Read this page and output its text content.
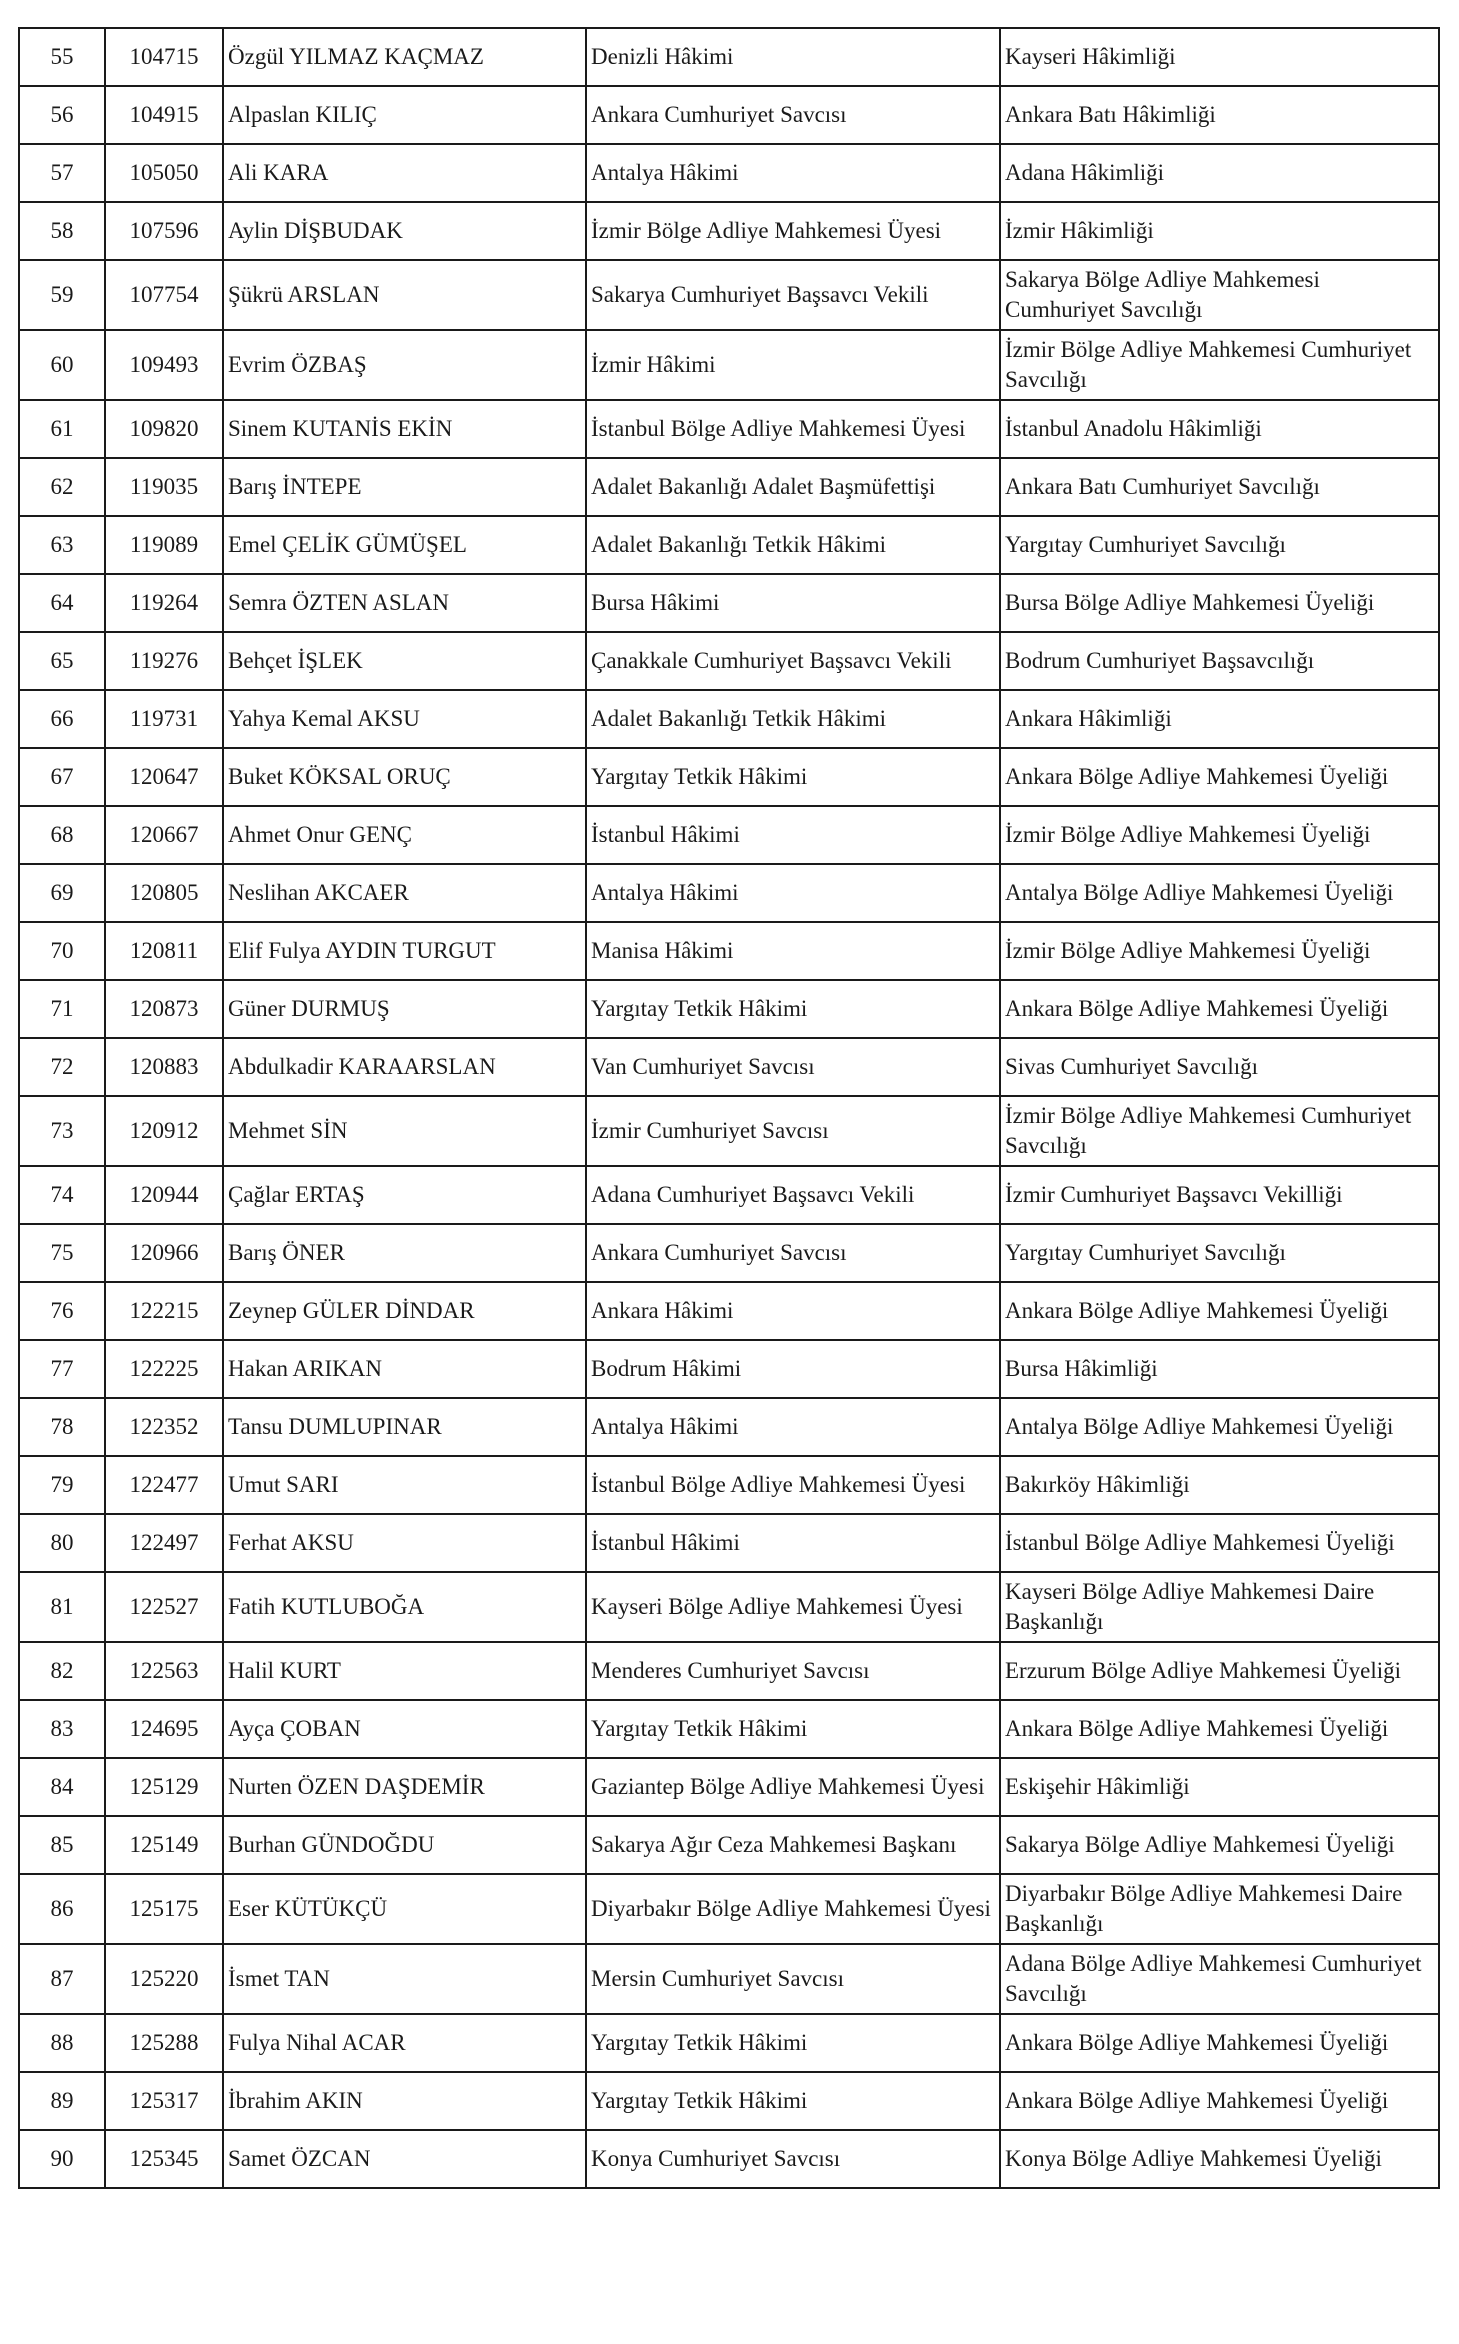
55	104715	Özgül YILMAZ KAÇMAZ	Denizli Hâkimi	Kayseri Hâkimliği
56	104915	Alpaslan KILIÇ	Ankara Cumhuriyet Savcısı	Ankara Batı Hâkimliği
57	105050	Ali KARA	Antalya Hâkimi	Adana Hâkimliği
58	107596	Aylin DİŞBUDAK	İzmir Bölge Adliye Mahkemesi Üyesi	İzmir Hâkimliği
59	107754	Şükrü ARSLAN	Sakarya Cumhuriyet Başsavcı Vekili	Sakarya Bölge Adliye Mahkemesi Cumhuriyet Savcılığı
60	109493	Evrim ÖZBAŞ	İzmir Hâkimi	İzmir Bölge Adliye Mahkemesi Cumhuriyet Savcılığı
61	109820	Sinem KUTANİS EKİN	İstanbul Bölge Adliye Mahkemesi Üyesi	İstanbul Anadolu Hâkimliği
62	119035	Barış İNTEPE	Adalet Bakanlığı Adalet Başmüfettişi	Ankara Batı Cumhuriyet Savcılığı
63	119089	Emel ÇELİK GÜMÜŞEL	Adalet Bakanlığı Tetkik Hâkimi	Yargıtay Cumhuriyet Savcılığı
64	119264	Semra ÖZTEN ASLAN	Bursa Hâkimi	Bursa Bölge Adliye Mahkemesi Üyeliği
65	119276	Behçet İŞLEK	Çanakkale Cumhuriyet Başsavcı Vekili	Bodrum Cumhuriyet Başsavcılığı
66	119731	Yahya Kemal AKSU	Adalet Bakanlığı Tetkik Hâkimi	Ankara Hâkimliği
67	120647	Buket KÖKSAL ORUÇ	Yargıtay Tetkik Hâkimi	Ankara Bölge Adliye Mahkemesi Üyeliği
68	120667	Ahmet Onur GENÇ	İstanbul Hâkimi	İzmir Bölge Adliye Mahkemesi Üyeliği
69	120805	Neslihan AKCAER	Antalya Hâkimi	Antalya Bölge Adliye Mahkemesi Üyeliği
70	120811	Elif Fulya AYDIN TURGUT	Manisa Hâkimi	İzmir Bölge Adliye Mahkemesi Üyeliği
71	120873	Güner DURMUŞ	Yargıtay Tetkik Hâkimi	Ankara Bölge Adliye Mahkemesi Üyeliği
72	120883	Abdulkadir KARAARSLAN	Van Cumhuriyet Savcısı	Sivas Cumhuriyet Savcılığı
73	120912	Mehmet SİN	İzmir Cumhuriyet Savcısı	İzmir Bölge Adliye Mahkemesi Cumhuriyet Savcılığı
74	120944	Çağlar ERTAŞ	Adana Cumhuriyet Başsavcı Vekili	İzmir Cumhuriyet Başsavcı Vekilliği
75	120966	Barış ÖNER	Ankara Cumhuriyet Savcısı	Yargıtay Cumhuriyet Savcılığı
76	122215	Zeynep GÜLER DİNDAR	Ankara Hâkimi	Ankara Bölge Adliye Mahkemesi Üyeliği
77	122225	Hakan ARIKAN	Bodrum Hâkimi	Bursa Hâkimliği
78	122352	Tansu DUMLUPINAR	Antalya Hâkimi	Antalya Bölge Adliye Mahkemesi Üyeliği
79	122477	Umut SARI	İstanbul Bölge Adliye Mahkemesi Üyesi	Bakırköy Hâkimliği
80	122497	Ferhat AKSU	İstanbul Hâkimi	İstanbul Bölge Adliye Mahkemesi Üyeliği
81	122527	Fatih KUTLUBOĞA	Kayseri Bölge Adliye Mahkemesi Üyesi	Kayseri Bölge Adliye Mahkemesi Daire Başkanlığı
82	122563	Halil KURT	Menderes Cumhuriyet Savcısı	Erzurum Bölge Adliye Mahkemesi Üyeliği
83	124695	Ayça ÇOBAN	Yargıtay Tetkik Hâkimi	Ankara Bölge Adliye Mahkemesi Üyeliği
84	125129	Nurten ÖZEN DAŞDEMİR	Gaziantep Bölge Adliye Mahkemesi Üyesi	Eskişehir Hâkimliği
85	125149	Burhan GÜNDOĞDU	Sakarya Ağır Ceza Mahkemesi Başkanı	Sakarya Bölge Adliye Mahkemesi Üyeliği
86	125175	Eser KÜTÜKÇÜ	Diyarbakır Bölge Adliye Mahkemesi Üyesi	Diyarbakır Bölge Adliye Mahkemesi Daire Başkanlığı
87	125220	İsmet TAN	Mersin Cumhuriyet Savcısı	Adana Bölge Adliye Mahkemesi Cumhuriyet Savcılığı
88	125288	Fulya Nihal ACAR	Yargıtay Tetkik Hâkimi	Ankara Bölge Adliye Mahkemesi Üyeliği
89	125317	İbrahim AKIN	Yargıtay Tetkik Hâkimi	Ankara Bölge Adliye Mahkemesi Üyeliği
90	125345	Samet ÖZCAN	Konya Cumhuriyet Savcısı	Konya Bölge Adliye Mahkemesi Üyeliği
